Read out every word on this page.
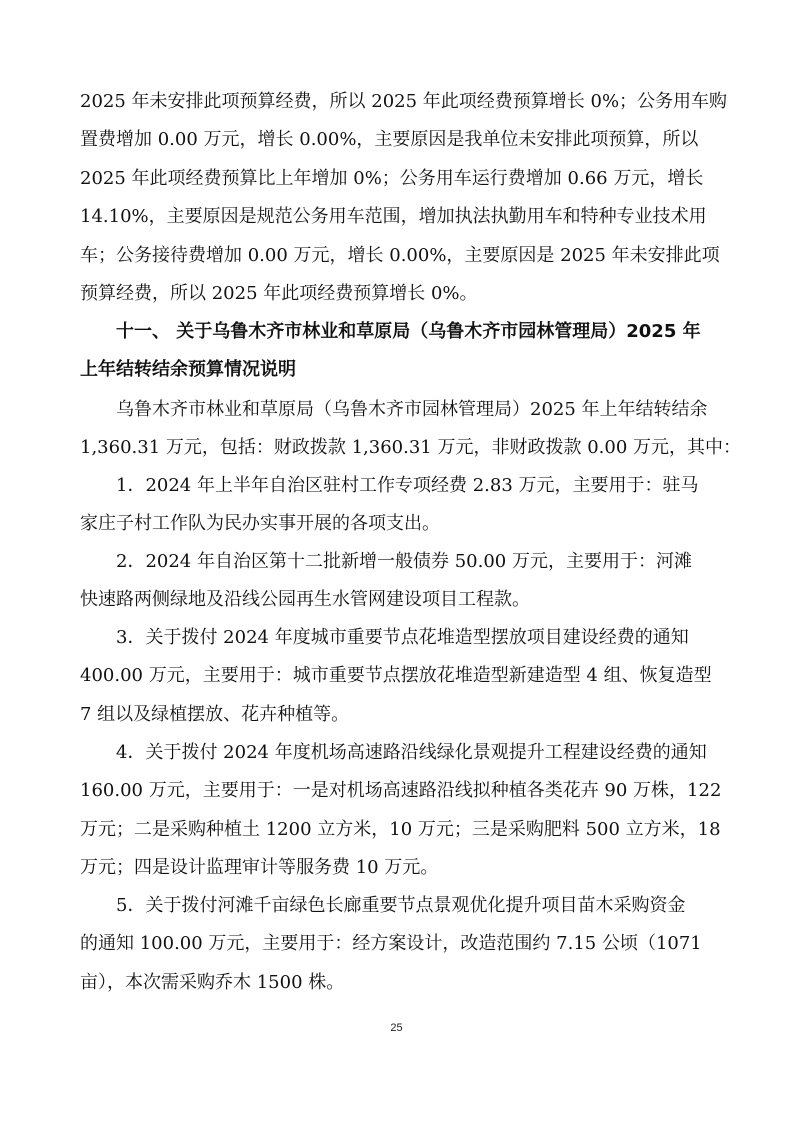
2025 年未安排此项预算经费，所以 2025 年此项经费预算增长 0%；公务用车购
置费增加 0.00 万元，增长 0.00%，主要原因是我单位未安排此项预算，所以
2025 年此项经费预算比上年增加 0%；公务用车运行费增加 0.66 万元，增长
14.10%，主要原因是规范公务用车范围，增加执法执勤用车和特种专业技术用
车；公务接待费增加 0.00 万元，增长 0.00%，主要原因是 2025 年未安排此项
预算经费，所以 2025 年此项经费预算增长 0%。
十一、 关于乌鲁木齐市林业和草原局（乌鲁木齐市园林管理局）2025 年
上年结转结余预算情况说明
乌鲁木齐市林业和草原局（乌鲁木齐市园林管理局）2025 年上年结转结余
1,360.31 万元，包括：财政拨款 1,360.31 万元，非财政拨款 0.00 万元，其中：
1．2024 年上半年自治区驻村工作专项经费 2.83 万元，主要用于：驻马
家庄子村工作队为民办实事开展的各项支出。
2．2024 年自治区第十二批新增一般债券 50.00 万元，主要用于：河滩
快速路两侧绿地及沿线公园再生水管网建设项目工程款。
3．关于拨付 2024 年度城市重要节点花堆造型摆放项目建设经费的通知
400.00 万元，主要用于：城市重要节点摆放花堆造型新建造型 4 组、恢复造型
7 组以及绿植摆放、花卉种植等。
4．关于拨付 2024 年度机场高速路沿线绿化景观提升工程建设经费的通知
160.00 万元，主要用于：一是对机场高速路沿线拟种植各类花卉 90 万株，122
万元；二是采购种植土 1200 立方米，10 万元；三是采购肥料 500 立方米，18
万元；四是设计监理审计等服务费 10 万元。
5．关于拨付河滩千亩绿色长廊重要节点景观优化提升项目苗木采购资金
的通知 100.00 万元，主要用于：经方案设计，改造范围约 7.15 公顷（1071
亩），本次需采购乔木 1500 株。
25
